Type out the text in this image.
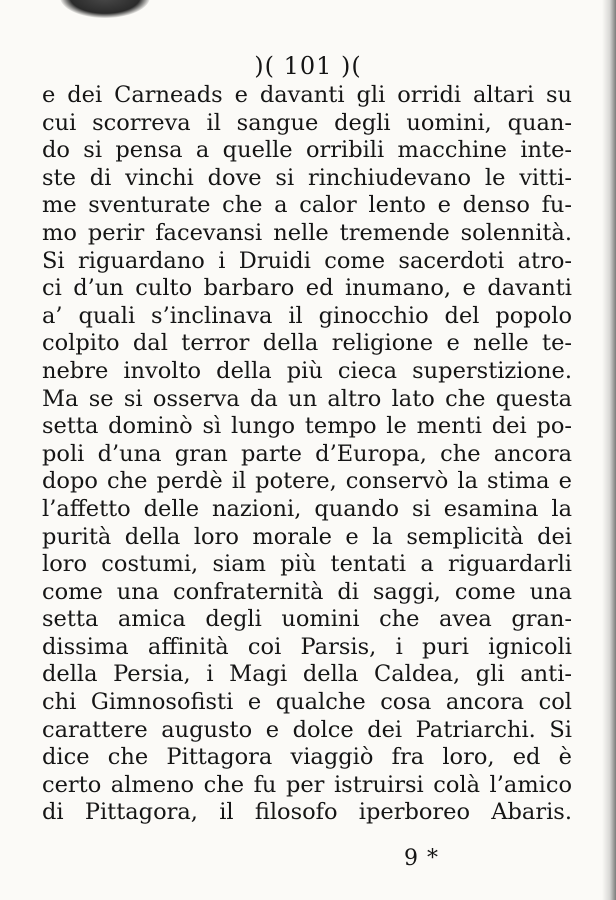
)( 101 )(
e dei Carneads e davanti gli orridi altari su
cui scorreva il sangue degli uomini, quan-
do si pensa a quelle orribili macchine inte-
ste di vinchi dove si rinchiudevano le vitti-
me sventurate che a calor lento e denso fu-
mo perir facevansi nelle tremende solennità.
Si riguardano i Druidi come sacerdoti atro-
ci d’un culto barbaro ed inumano, e davanti
a’ quali s’inclinava il ginocchio del popolo
colpito dal terror della religione e nelle te-
nebre involto della più cieca superstizione.
Ma se si osserva da un altro lato che questa
setta dominò sì lungo tempo le menti dei po-
poli d’una gran parte d’Europa, che ancora
dopo che perdè il potere, conservò la stima e
l’affetto delle nazioni, quando si esamina la
purità della loro morale e la semplicità dei
loro costumi, siam più tentati a riguardarli
come una confraternità di saggi, come una
setta amica degli uomini che avea gran-
dissima affinità coi Parsis, i puri ignicoli
della Persia, i Magi della Caldea, gli anti-
chi Gimnosofisti e qualche cosa ancora col
carattere augusto e dolce dei Patriarchi. Si
dice che Pittagora viaggiò fra loro, ed è
certo almeno che fu per istruirsi colà l’amico
di Pittagora, il filosofo iperboreo Abaris.
9 *
